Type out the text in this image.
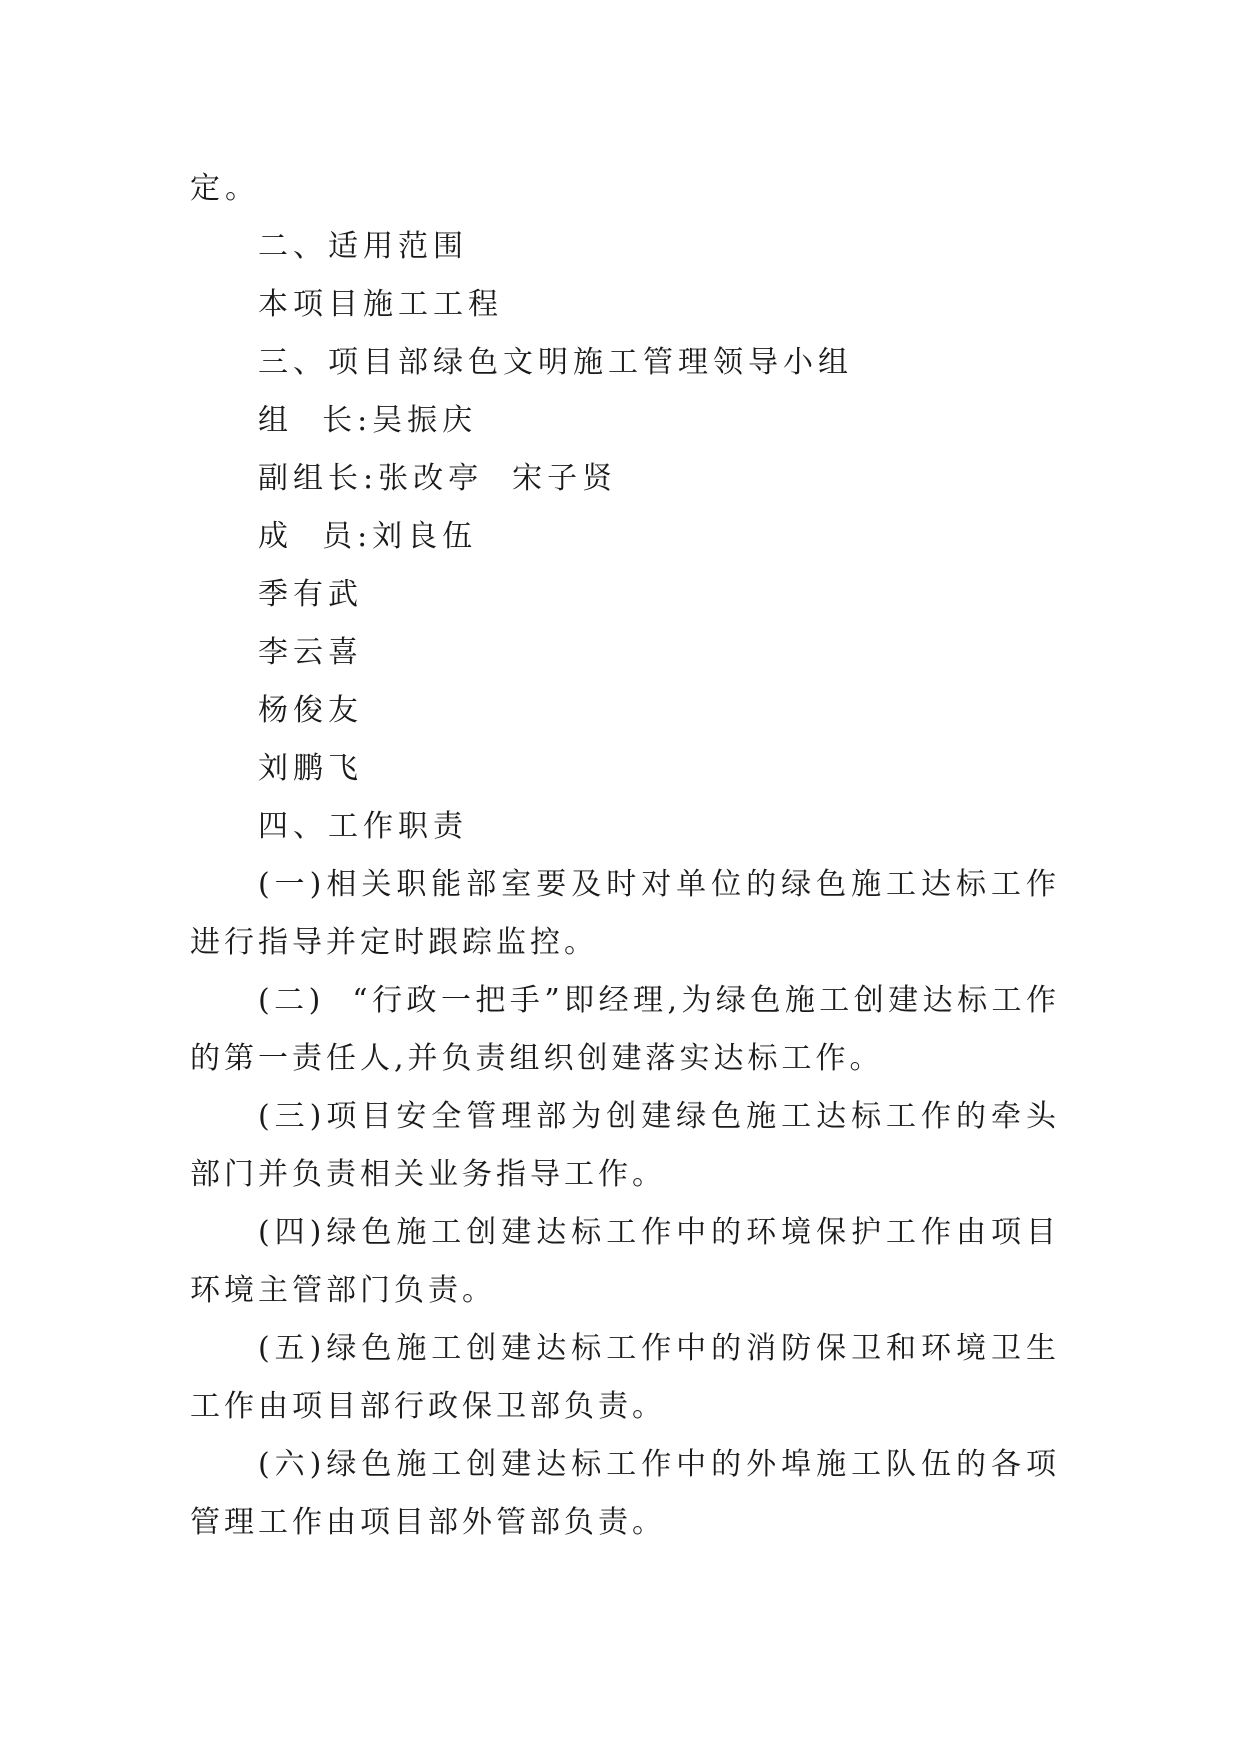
定。
二、适用范围
本项目施工工程
三、项目部绿色文明施工管理领导小组
组  长:吴振庆
副组长:张改亭  宋子贤
成  员:刘良伍
季有武
李云喜
杨俊友
刘鹏飞
四、工作职责
(一)相关职能部室要及时对单位的绿色施工达标工作进行指导并定时跟踪监控。
(二)  “行政一把手”即经理,为绿色施工创建达标工作的第一责任人,并负责组织创建落实达标工作。
(三)项目安全管理部为创建绿色施工达标工作的牵头部门并负责相关业务指导工作。
(四)绿色施工创建达标工作中的环境保护工作由项目环境主管部门负责。
(五)绿色施工创建达标工作中的消防保卫和环境卫生工作由项目部行政保卫部负责。
(六)绿色施工创建达标工作中的外埠施工队伍的各项管理工作由项目部外管部负责。
